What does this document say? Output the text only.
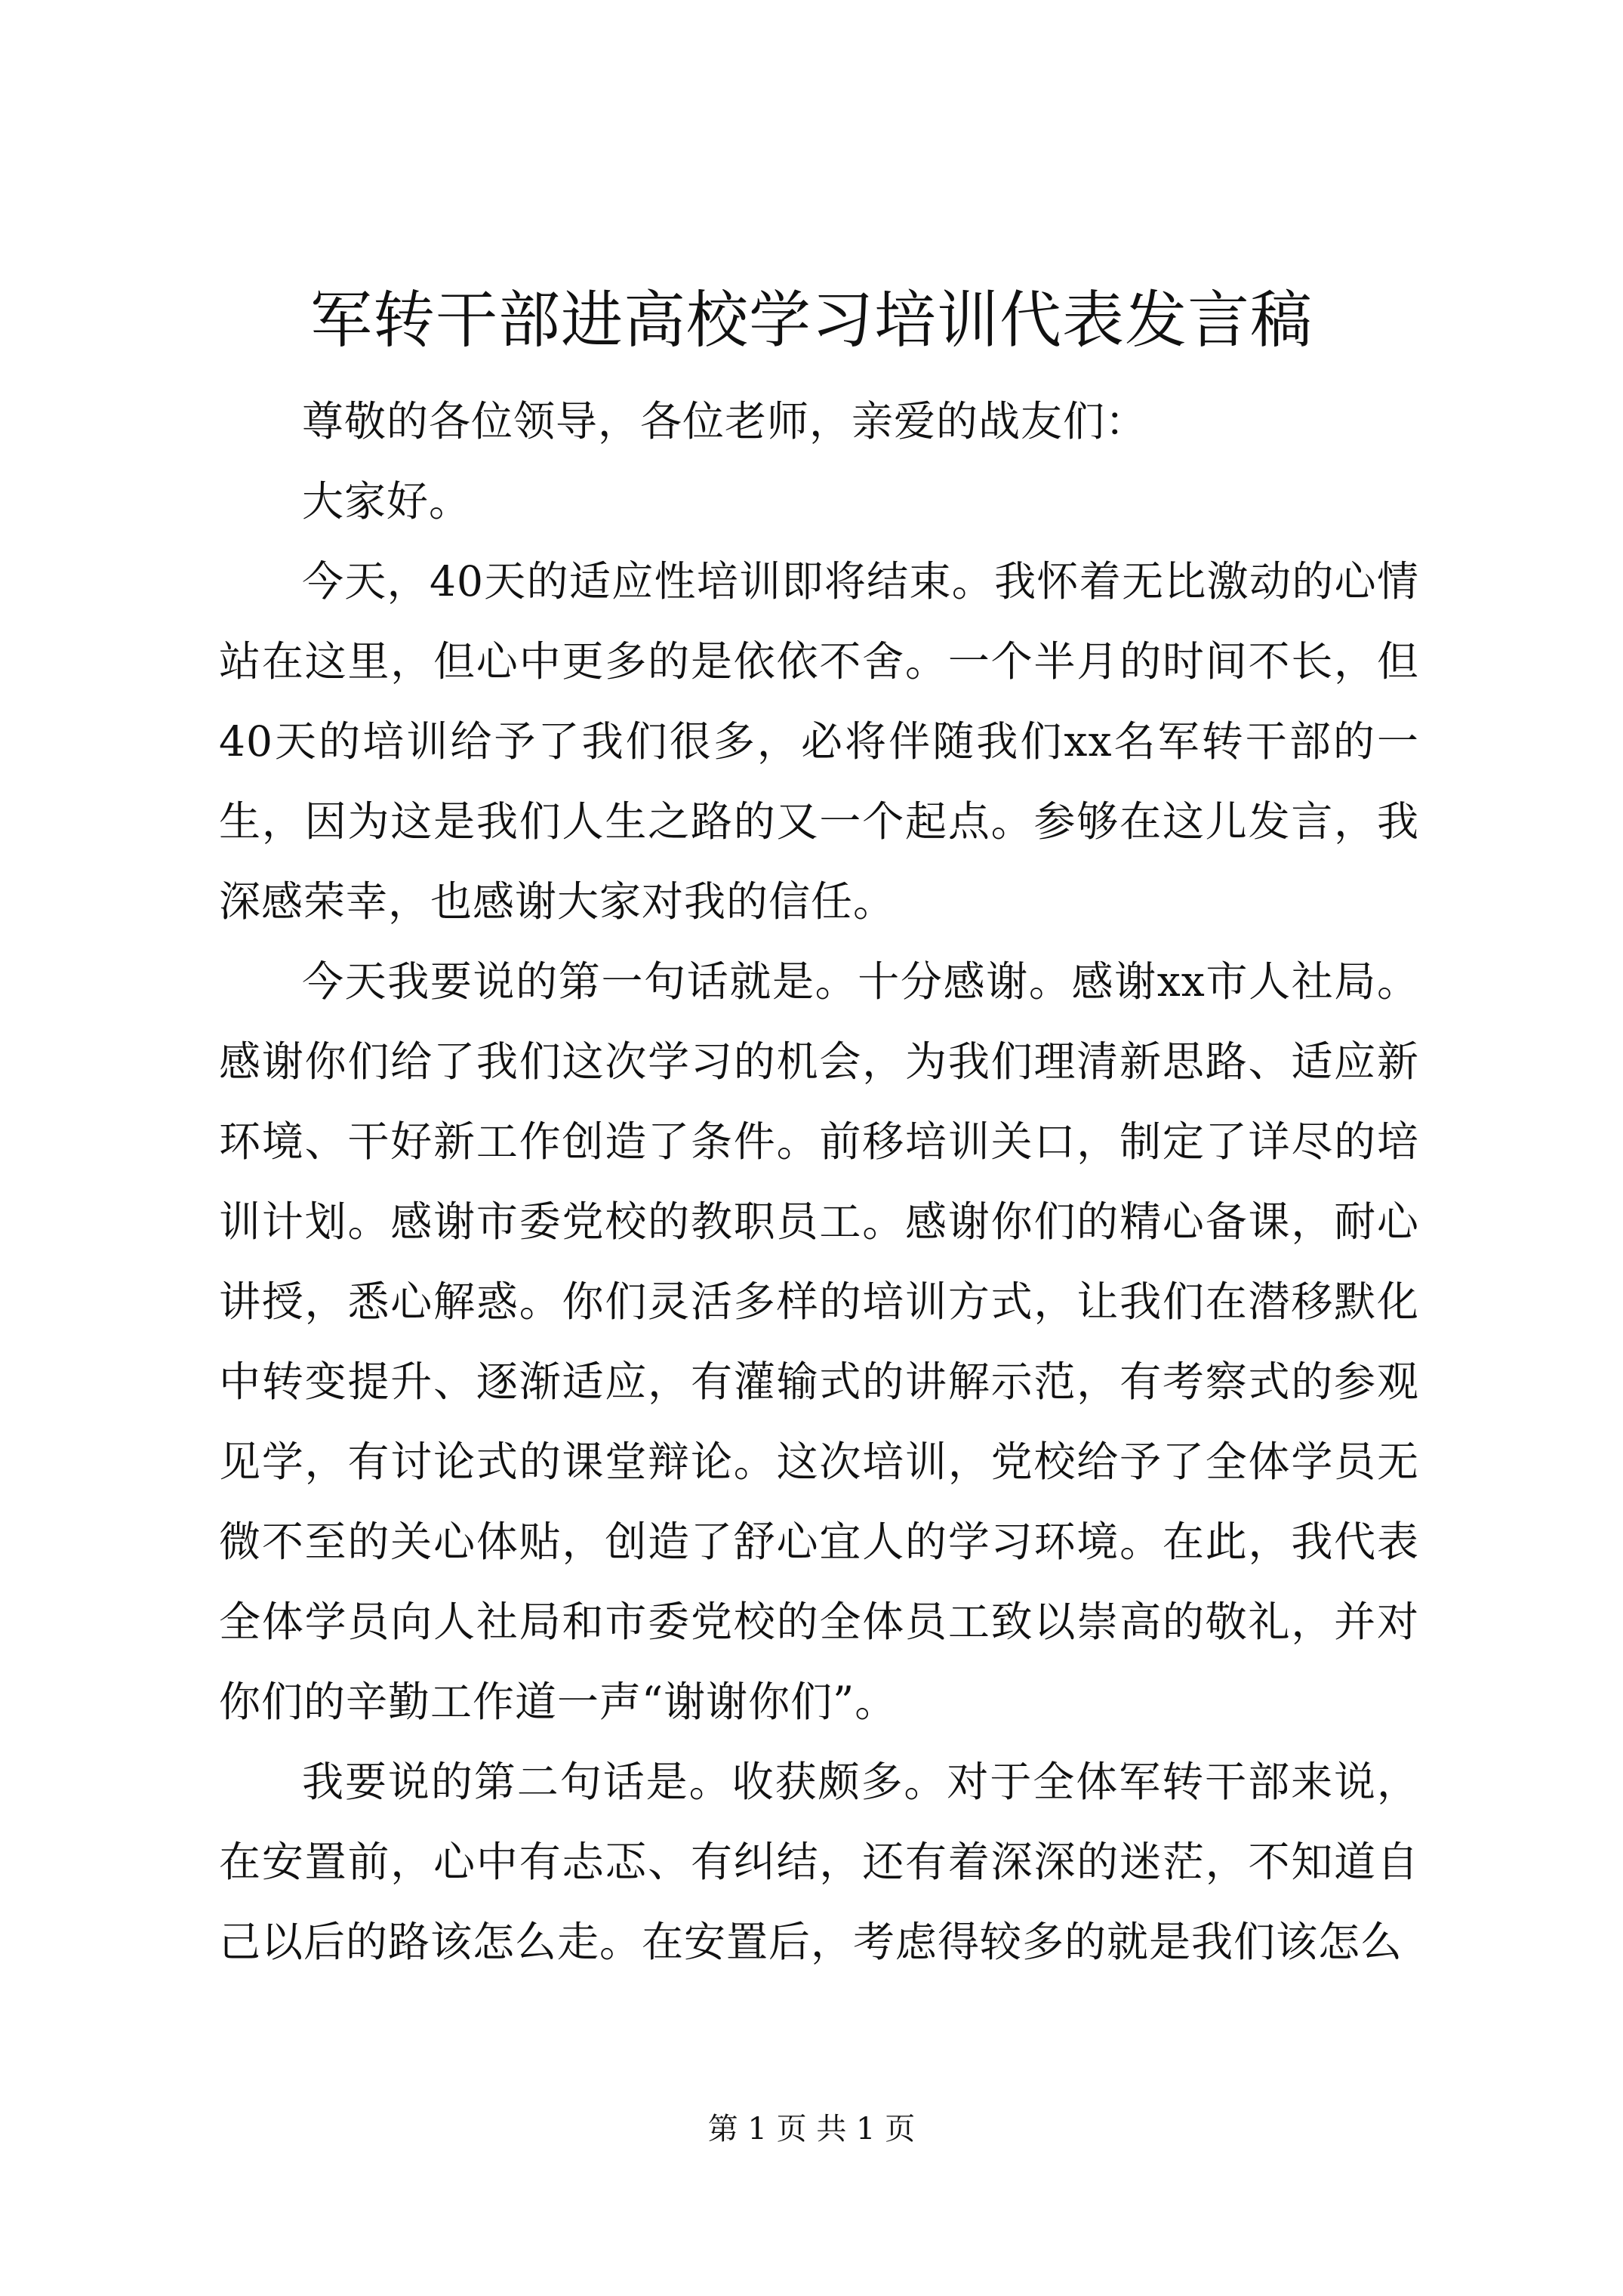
军转干部进高校学习培训代表发言稿

尊敬的各位领导，各位老师，亲爱的战友们：

大家好。

今天，40天的适应性培训即将结束。我怀着无比激动的心情站在这里，但心中更多的是依依不舍。一个半月的时间不长，但40天的培训给予了我们很多，必将伴随我们xx名军转干部的一生，因为这是我们人生之路的又一个起点。参够在这儿发言，我深感荣幸，也感谢大家对我的信任。

今天我要说的第一句话就是。十分感谢。感谢xx市人社局。感谢你们给了我们这次学习的机会，为我们理清新思路、适应新环境、干好新工作创造了条件。前移培训关口，制定了详尽的培训计划。感谢市委党校的教职员工。感谢你们的精心备课，耐心讲授，悉心解惑。你们灵活多样的培训方式，让我们在潜移默化中转变提升、逐渐适应，有灌输式的讲解示范，有考察式的参观见学，有讨论式的课堂辩论。这次培训，党校给予了全体学员无微不至的关心体贴，创造了舒心宜人的学习环境。在此，我代表全体学员向人社局和市委党校的全体员工致以崇高的敬礼，并对你们的辛勤工作道一声“谢谢你们”。

我要说的第二句话是。收获颇多。对于全体军转干部来说，在安置前，心中有忐忑、有纠结，还有着深深的迷茫，不知道自己以后的路该怎么走。在安置后，考虑得较多的就是我们该怎么

第 1 页 共 1 页
